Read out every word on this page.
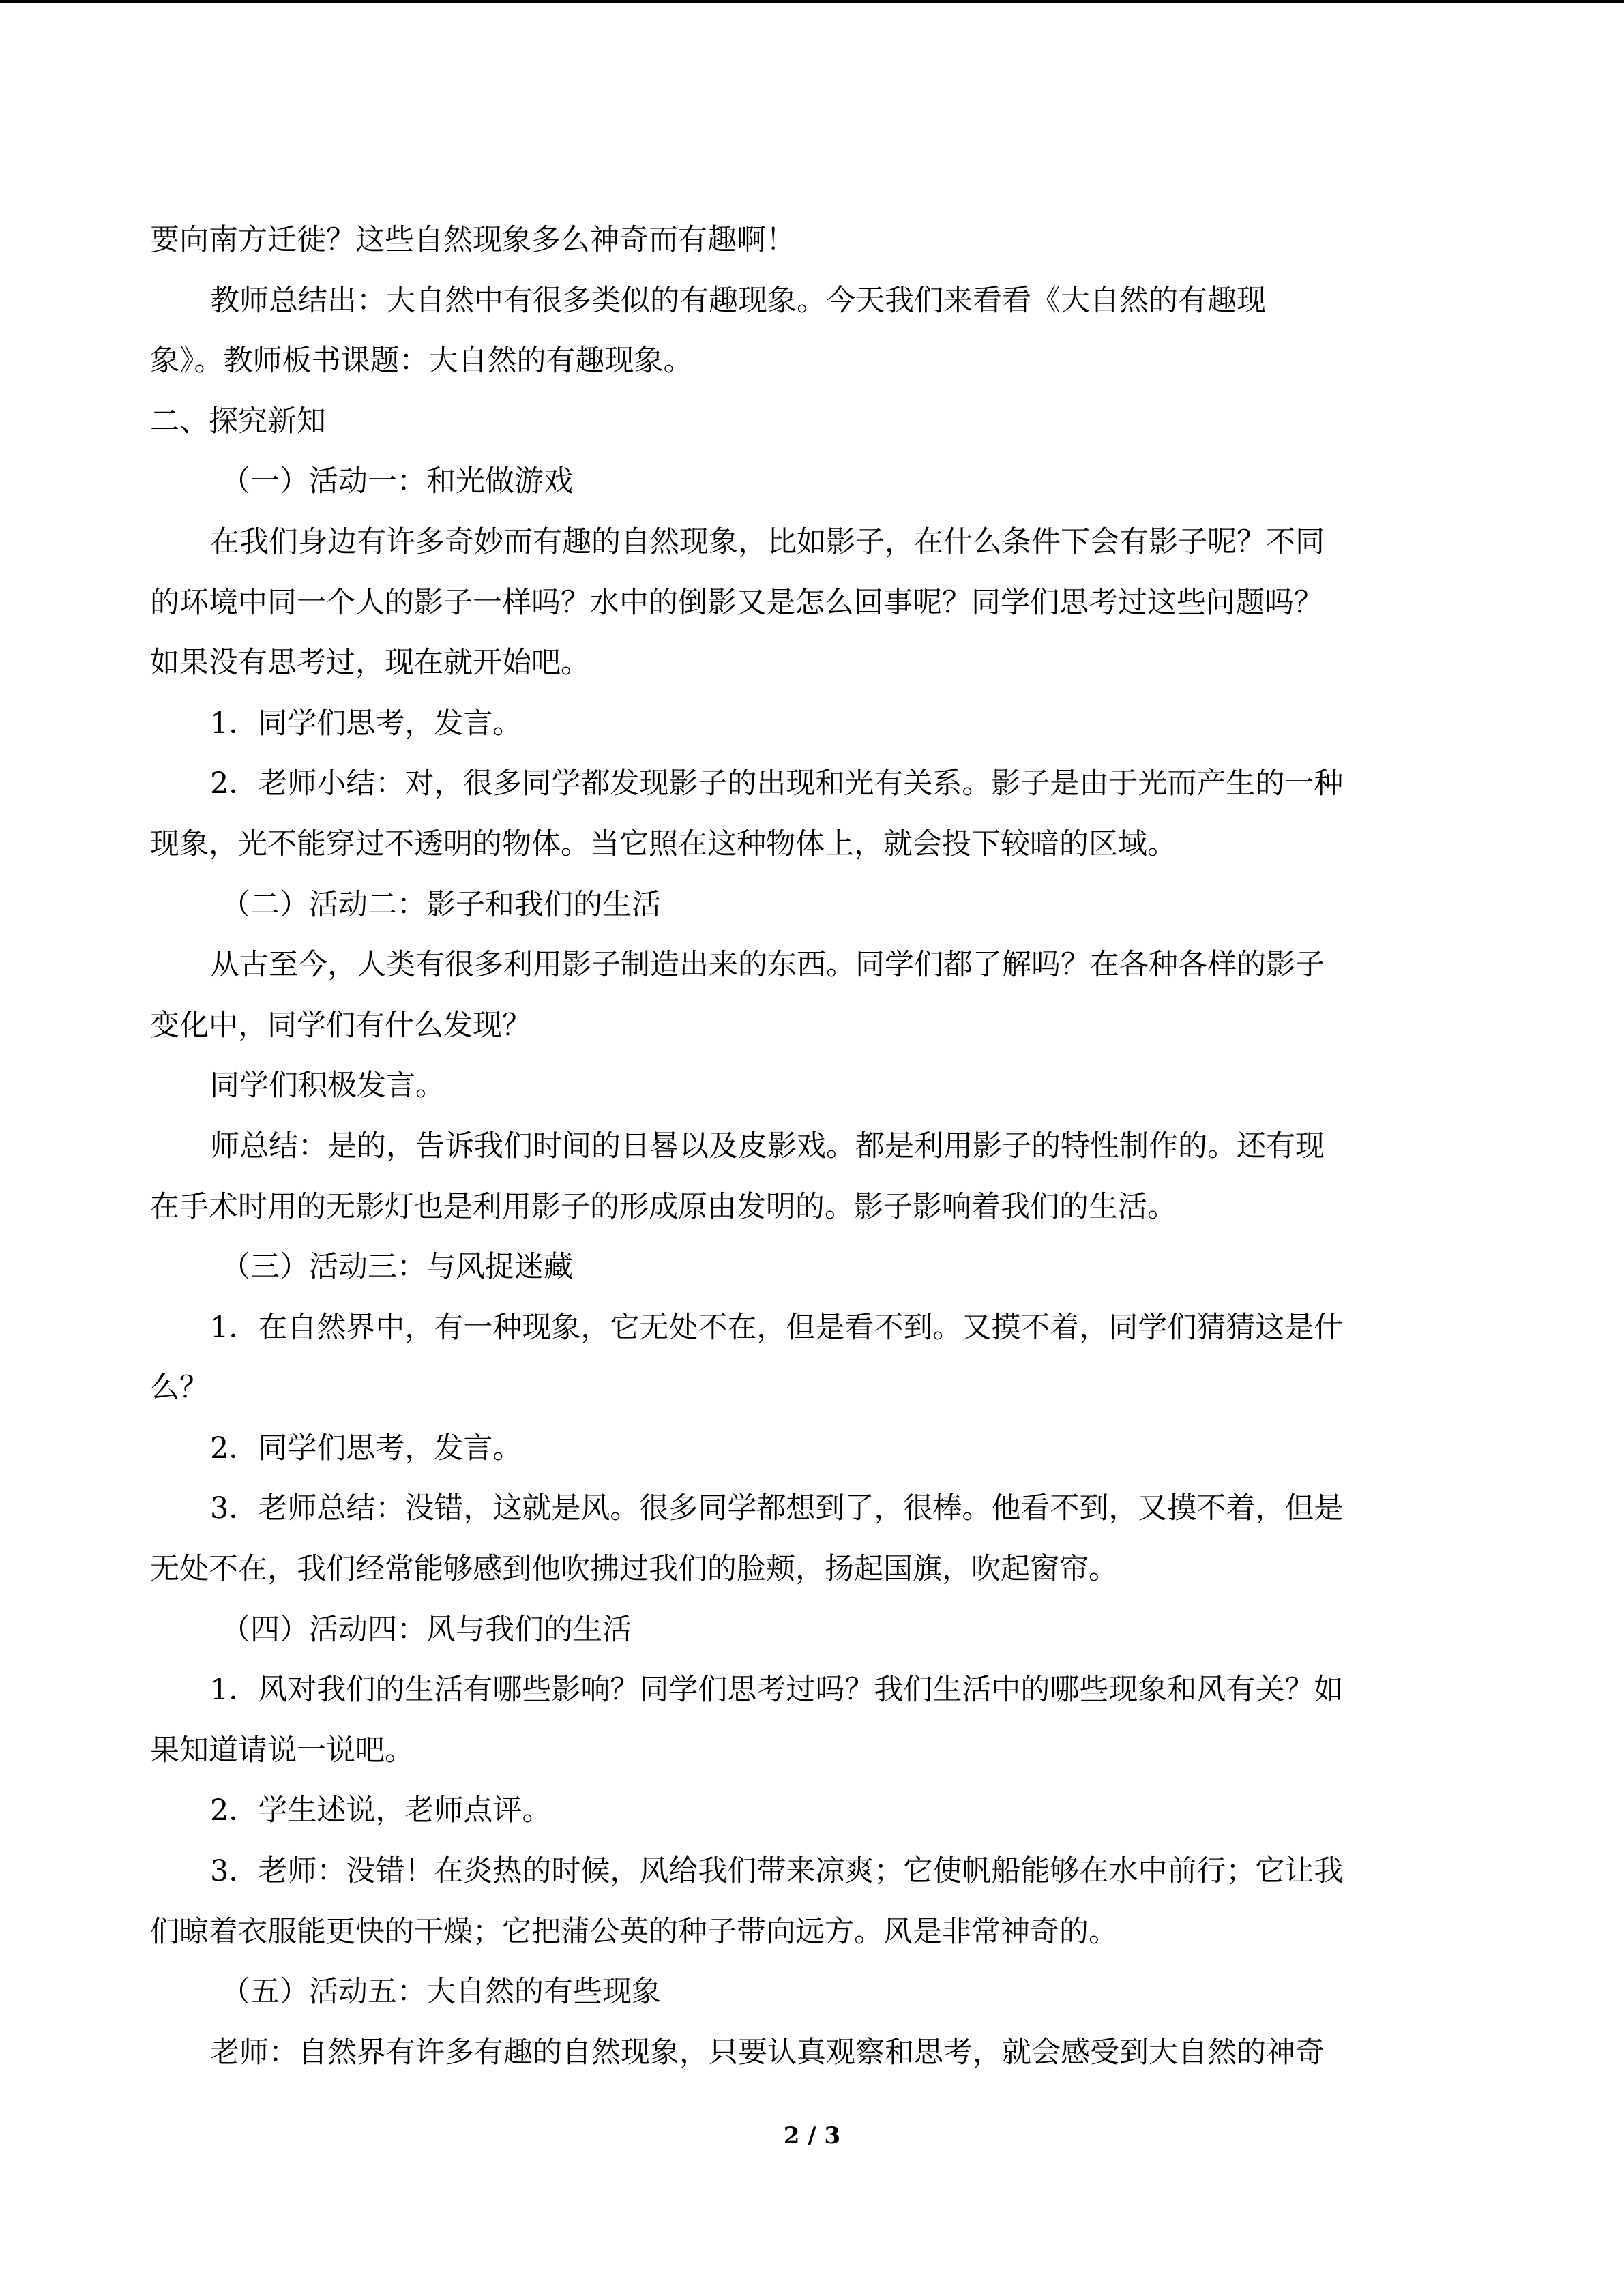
要向南方迁徙？这些自然现象多么神奇而有趣啊！
教师总结出：大自然中有很多类似的有趣现象。今天我们来看看《大自然的有趣现
象》。教师板书课题：大自然的有趣现象。
二、探究新知
（一）活动一：和光做游戏
在我们身边有许多奇妙而有趣的自然现象，比如影子，在什么条件下会有影子呢？不同
的环境中同一个人的影子一样吗？水中的倒影又是怎么回事呢？同学们思考过这些问题吗？
如果没有思考过，现在就开始吧。
1．同学们思考，发言。
2．老师小结：对，很多同学都发现影子的出现和光有关系。影子是由于光而产生的一种
现象，光不能穿过不透明的物体。当它照在这种物体上，就会投下较暗的区域。
（二）活动二：影子和我们的生活
从古至今，人类有很多利用影子制造出来的东西。同学们都了解吗？在各种各样的影子
变化中，同学们有什么发现？
同学们积极发言。
师总结：是的，告诉我们时间的日晷以及皮影戏。都是利用影子的特性制作的。还有现
在手术时用的无影灯也是利用影子的形成原由发明的。影子影响着我们的生活。
（三）活动三：与风捉迷藏
1．在自然界中，有一种现象，它无处不在，但是看不到。又摸不着，同学们猜猜这是什
么？
2．同学们思考，发言。
3．老师总结：没错，这就是风。很多同学都想到了，很棒。他看不到，又摸不着，但是
无处不在，我们经常能够感到他吹拂过我们的脸颊，扬起国旗，吹起窗帘。
（四）活动四：风与我们的生活
1．风对我们的生活有哪些影响？同学们思考过吗？我们生活中的哪些现象和风有关？如
果知道请说一说吧。
2．学生述说，老师点评。
3．老师：没错！在炎热的时候，风给我们带来凉爽；它使帆船能够在水中前行；它让我
们晾着衣服能更快的干燥；它把蒲公英的种子带向远方。风是非常神奇的。
（五）活动五：大自然的有些现象
老师：自然界有许多有趣的自然现象，只要认真观察和思考，就会感受到大自然的神奇
2 / 3
